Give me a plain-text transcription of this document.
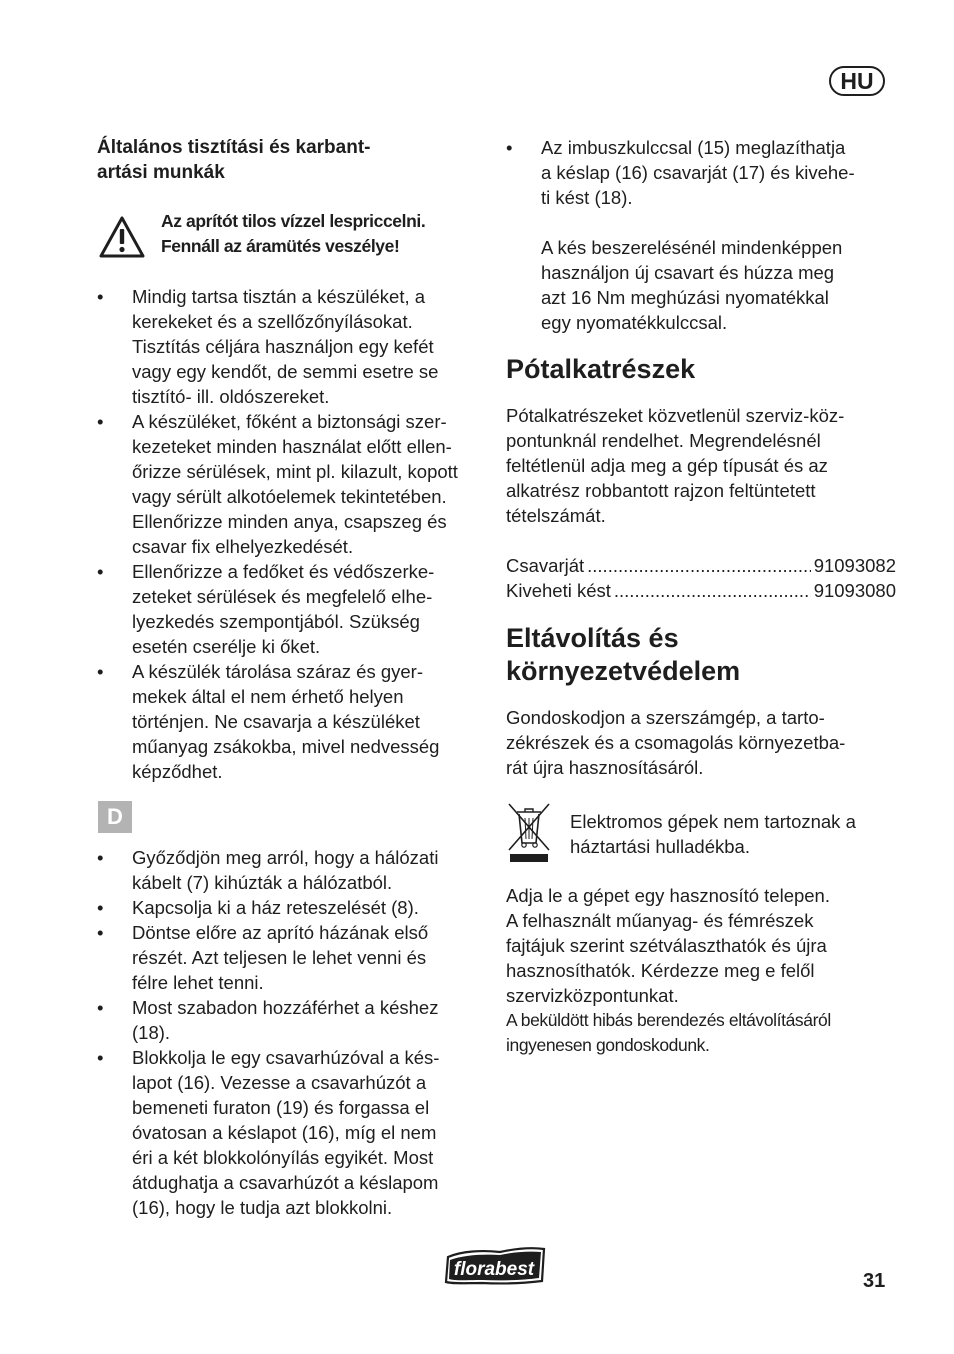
HU
Általános tisztítási és karbant-
artási munkák
Az aprítót tilos vízzel lespriccelni.
Fennáll az áramütés veszélye!
• Mindig tartsa tisztán a készüléket, a
kerekeket és a szellőzőnyílásokat.
Tisztítás céljára használjon egy kefét
vagy egy kendőt, de semmi esetre se
tisztító- ill. oldószereket.
• A készüléket, főként a biztonsági szer-
kezeteket minden használat előtt ellen-
őrizze sérülések, mint pl. kilazult, kopott
vagy sérült alkotóelemek tekintetében.
Ellenőrizze minden anya, csapszeg és
csavar fix elhelyezkedését.
• Ellenőrizze a fedőket és védőszerke-
zeteket sérülések és megfelelő elhe-
lyezkedés szempontjából. Szükség
esetén cserélje ki őket.
• A készülék tárolása száraz és gyer-
mekek által el nem érhető helyen
történjen. Ne csavarja a készüléket
műanyag zsákokba, mivel nedvesség
képződhet.
D
• Győződjön meg arról, hogy a hálózati
kábelt (7) kihúzták a hálózatból.
• Kapcsolja ki a ház reteszelését (8).
• Döntse előre az aprító házának első
részét. Azt teljesen le lehet venni és
félre lehet tenni.
• Most szabadon hozzáférhet a késhez
(18).
• Blokkolja le egy csavarhúzóval a kés-
lapot (16). Vezesse a csavarhúzót a
bemeneti furaton (19) és forgassa el
óvatosan a késlapot (16), míg el nem
éri a két blokkolónyílás egyikét. Most
átdughatja a csavarhúzót a késlapom
(16), hogy le tudja azt blokkolni.
• Az imbuszkulccsal (15) meglazíthatja
a késlap (16) csavarját (17) és kivehe-
ti kést (18).

A kés beszerelésénél mindenképpen
használjon új csavart és húzza meg
azt 16 Nm meghúzási nyomatékkal
egy nyomatékkulccsal.

Pótalkatrészek

Pótalkatrészeket közvetlenül szerviz-köz-
pontunknál rendelhet. Megrendelésnél
feltétlenül adja meg a gép típusát és az
alkatrész robbantott rajzon feltüntetett
tételszámát.

Csavarját .....	91093082
Kiveheti kést .....	91093080
Eltávolítás és
környezetvédelem

Gondoskodjon a szerszámgép, a tarto-
zékrészek és a csomagolás környezetba-
rát újra hasznosításáról.

Elektromos gépek nem tartoznak a
háztartási hulladékba.

Adja le a gépet egy hasznosító telepen.
A felhasznált műanyag- és fémrészek
fajtájuk szerint szétválaszthatók és újra
hasznosíthatók. Kérdezze meg e felől
szervizközpontunkat.

A beküldött hibás berendezés eltávolításáról
ingyenesen gondoskodunk.

florabest
31
